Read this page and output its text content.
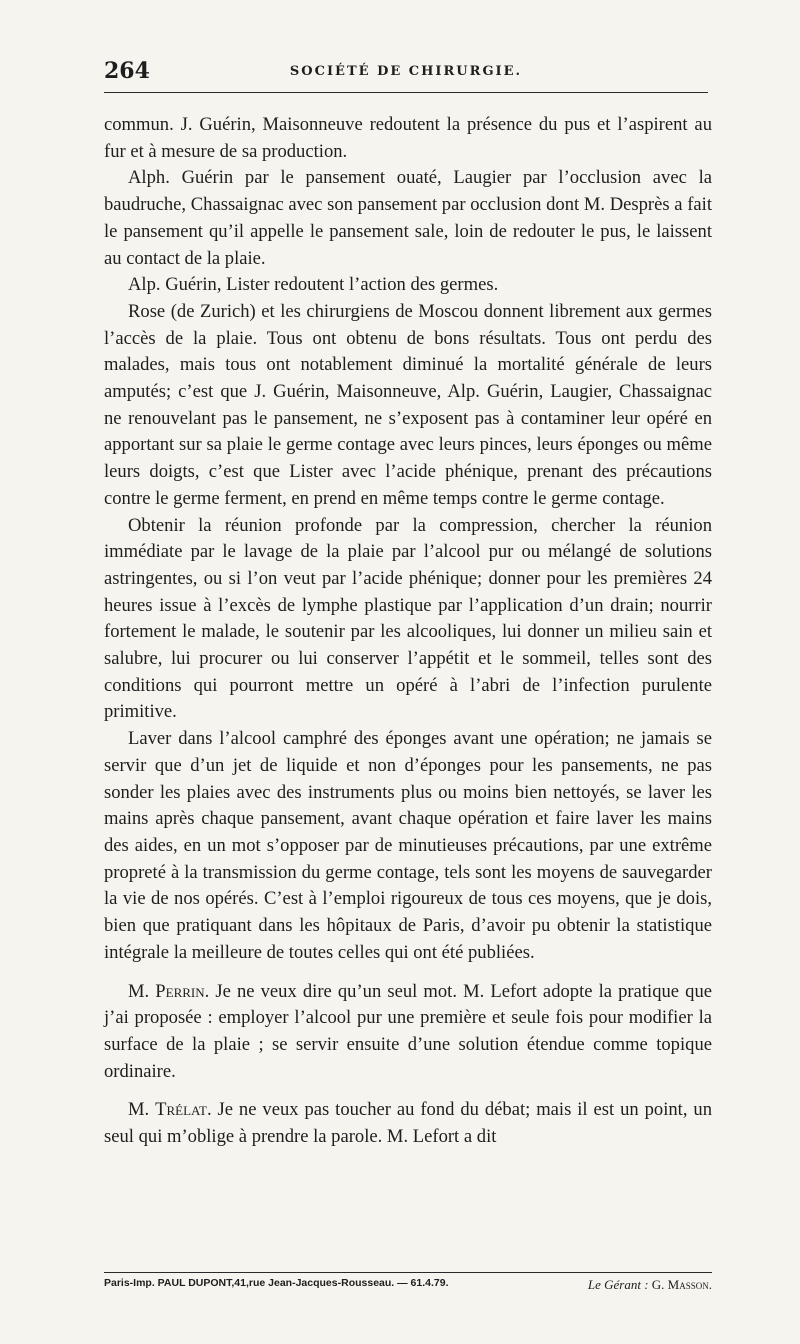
264	SOCIÉTÉ DE CHIRURGIE.

commun. J. Guérin, Maisonneuve redoutent la présence du pus et l’aspirent au fur et à mesure de sa production.

Alph. Guérin par le pansement ouaté, Laugier par l’occlusion avec la baudruche, Chassaignac avec son pansement par occlusion dont M. Desprès a fait le pansement qu’il appelle le pansement sale, loin de redouter le pus, le laissent au contact de la plaie.

Alp. Guérin, Lister redoutent l’action des germes.

Rose (de Zurich) et les chirurgiens de Moscou donnent librement aux germes l’accès de la plaie. Tous ont obtenu de bons résultats. Tous ont perdu des malades, mais tous ont notablement diminué la mortalité générale de leurs amputés; c’est que J. Guérin, Maisonneuve, Alp. Guérin, Laugier, Chassaignac ne renouvelant pas le pansement, ne s’exposent pas à contaminer leur opéré en apportant sur sa plaie le germe contage avec leurs pinces, leurs éponges ou même leurs doigts, c’est que Lister avec l’acide phénique, prenant des précautions contre le germe ferment, en prend en même temps contre le germe contage.

Obtenir la réunion profonde par la compression, chercher la réunion immédiate par le lavage de la plaie par l’alcool pur ou mélangé de solutions astringentes, ou si l’on veut par l’acide phénique; donner pour les premières 24 heures issue à l’excès de lymphe plastique par l’application d’un drain; nourrir fortement le malade, le soutenir par les alcooliques, lui donner un milieu sain et salubre, lui procurer ou lui conserver l’appétit et le sommeil, telles sont des conditions qui pourront mettre un opéré à l’abri de l’infection purulente primitive.

Laver dans l’alcool camphré des éponges avant une opération; ne jamais se servir que d’un jet de liquide et non d’éponges pour les pansements, ne pas sonder les plaies avec des instruments plus ou moins bien nettoyés, se laver les mains après chaque pansement, avant chaque opération et faire laver les mains des aides, en un mot s’opposer par de minutieuses précautions, par une extrême propreté à la transmission du germe contage, tels sont les moyens de sauvegarder la vie de nos opérés. C’est à l’emploi rigoureux de tous ces moyens, que je dois, bien que pratiquant dans les hôpitaux de Paris, d’avoir pu obtenir la statistique intégrale la meilleure de toutes celles qui ont été publiées.

M. Perrin. Je ne veux dire qu’un seul mot. M. Lefort adopte la pratique que j’ai proposée : employer l’alcool pur une première et seule fois pour modifier la surface de la plaie ; se servir ensuite d’une solution étendue comme topique ordinaire.

M. Trélat. Je ne veux pas toucher au fond du débat; mais il est un point, un seul qui m’oblige à prendre la parole. M. Lefort a dit

Paris-Imp. PAUL DUPONT,41,rue Jean-Jacques-Rousseau. — 61.4.79.	Le Gérant : G. Masson.
